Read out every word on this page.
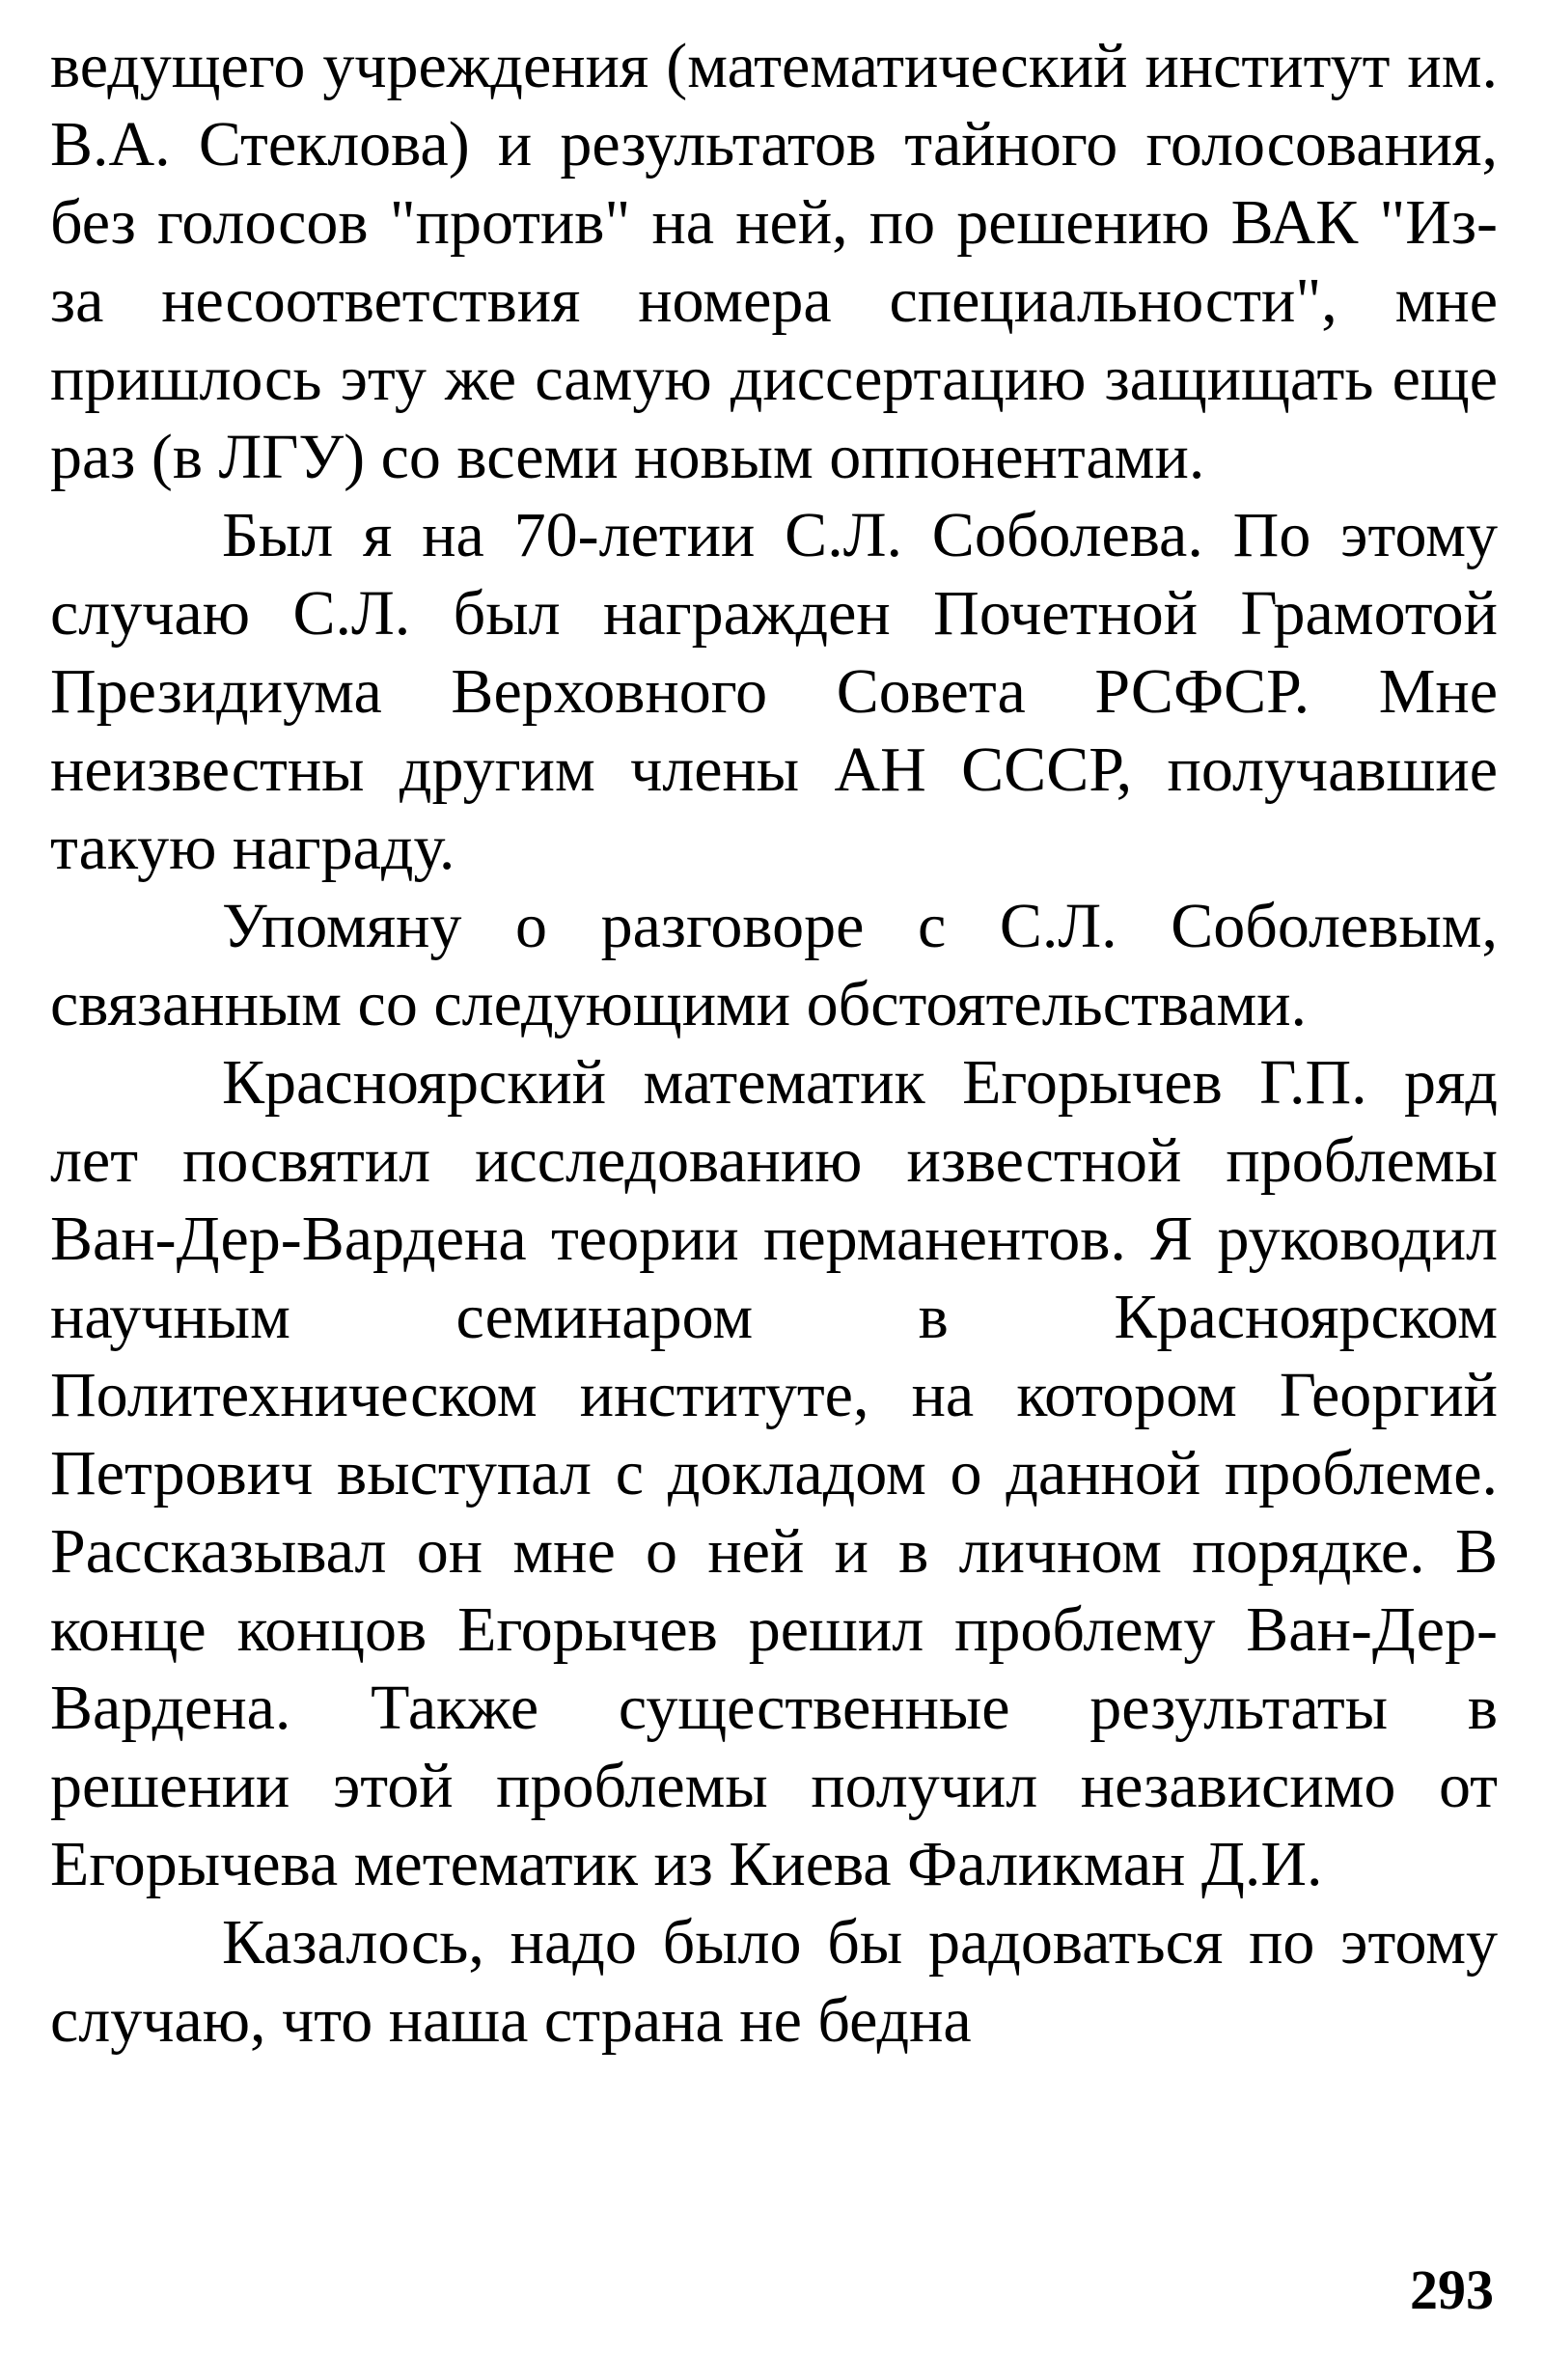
ведущего учреждения (математический институт им. В.А. Стеклова) и результатов тайного голосования, без голосов "против" на ней, по решению ВАК "Из-за несоответствия номера специальности", мне пришлось эту же самую диссертацию защищать еще раз (в ЛГУ) со всеми новым оппонентами.

Был я на 70-летии С.Л. Соболева. По этому случаю С.Л. был награжден Почетной Грамотой Президиума Верховного Совета РСФСР. Мне неизвестны другим члены АН СССР, получавшие такую награду.

Упомяну о разговоре с С.Л. Соболевым, связанным со следующими обстоятельствами.

Красноярский математик Егорычев Г.П. ряд лет посвятил исследованию известной проблемы Ван-Дер-Вардена теории перманентов. Я руководил научным семинаром в Красноярском Политехническом институте, на котором Георгий Петрович выступал с докладом о данной проблеме. Рассказывал он мне о ней и в личном порядке. В конце концов Егорычев решил проблему Ван-Дер-Вардена. Также существенные результаты в решении этой проблемы получил независимо от Егорычева метематик из Киева Фаликман Д.И.

Казалось, надо было бы радоваться по этому случаю, что наша страна не бедна

293
